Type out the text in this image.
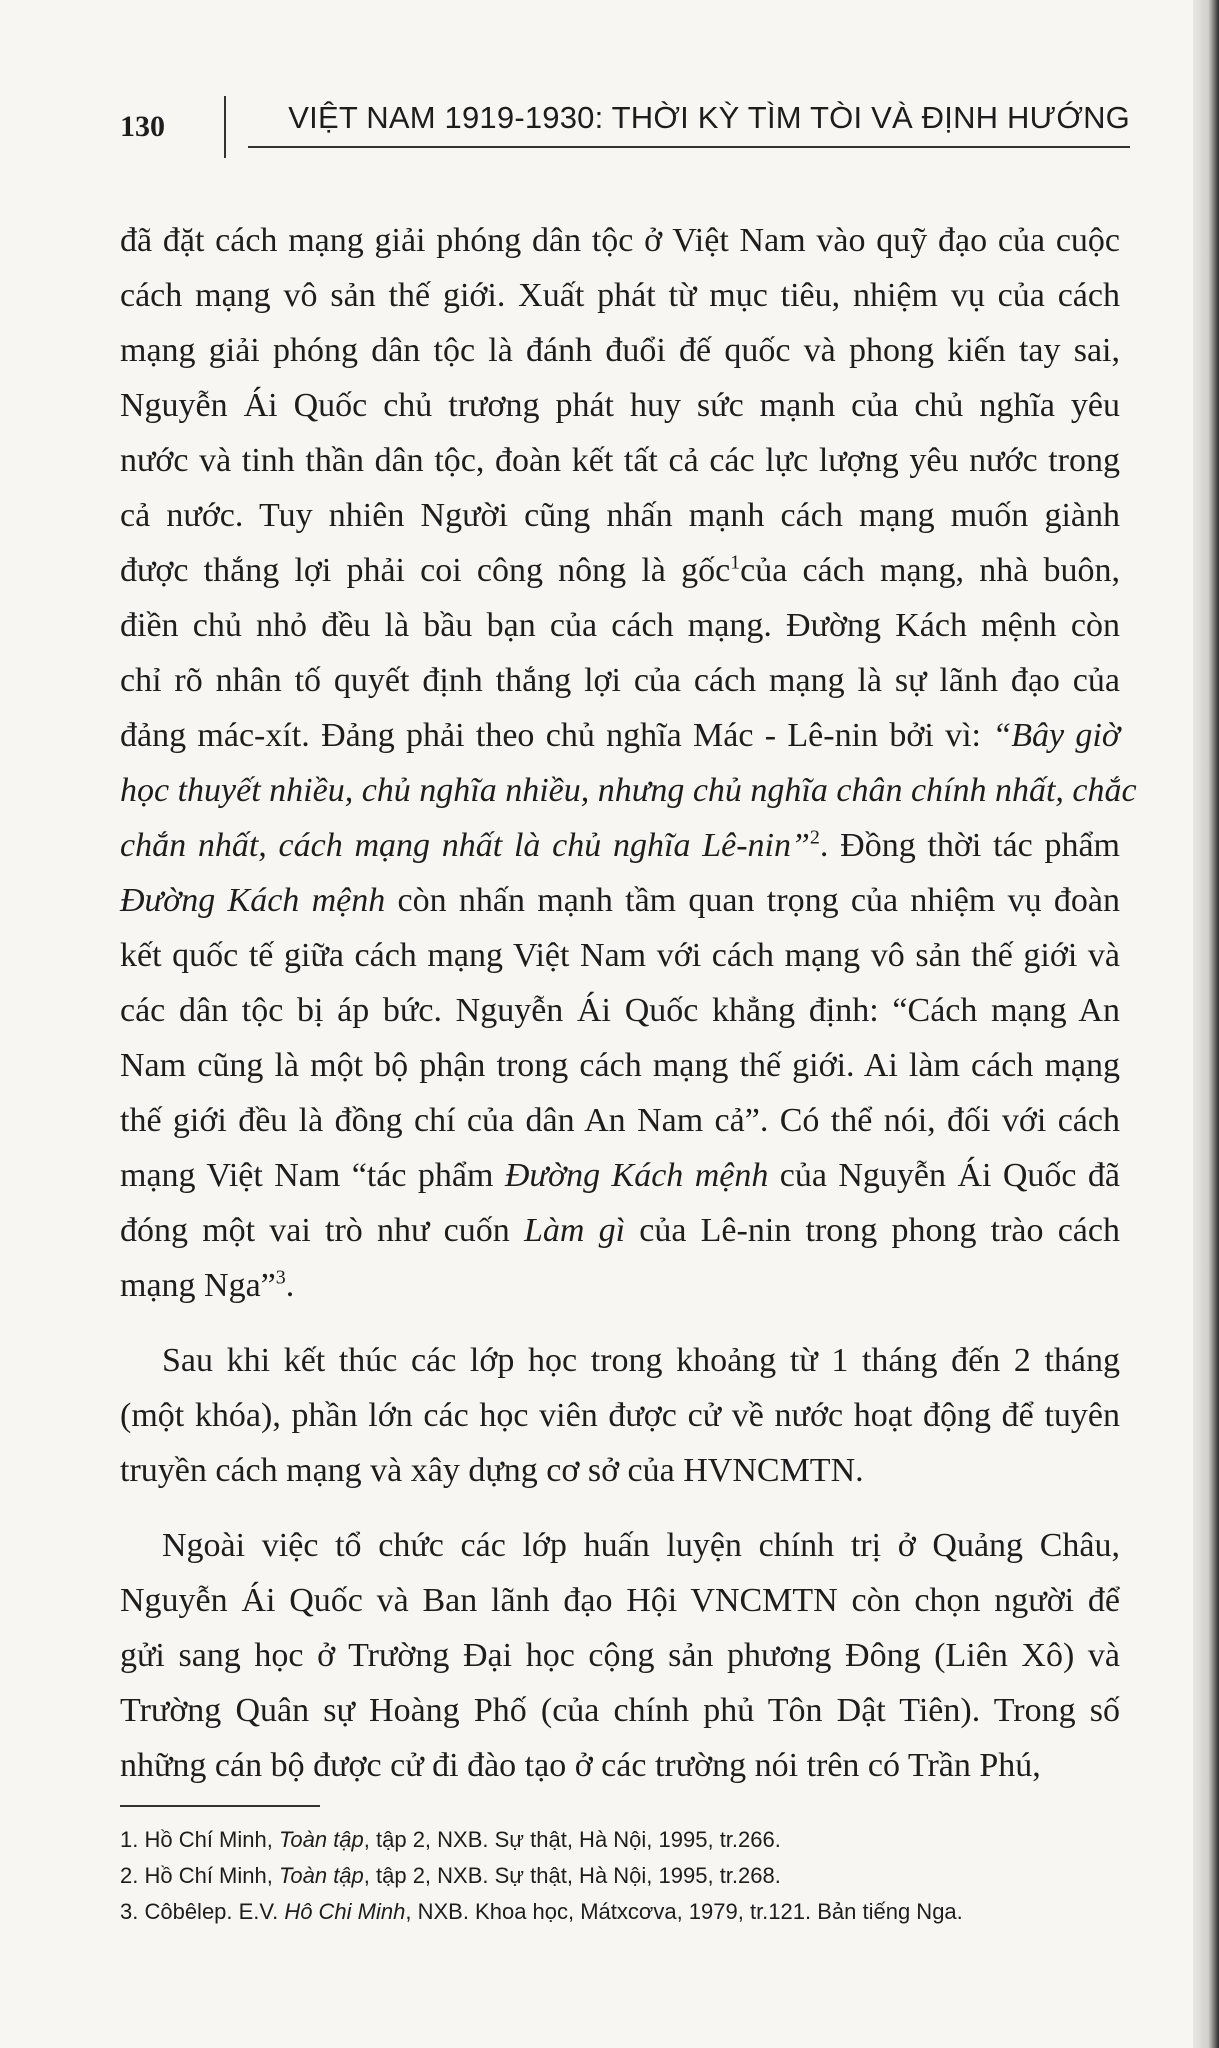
130	VIỆT NAM 1919-1930: THỜI KỲ TÌM TÒI VÀ ĐỊNH HƯỚNG
đã đặt cách mạng giải phóng dân tộc ở Việt Nam vào quỹ đạo của cuộc
cách mạng vô sản thế giới. Xuất phát từ mục tiêu, nhiệm vụ của cách
mạng giải phóng dân tộc là đánh đuổi đế quốc và phong kiến tay sai,
Nguyễn Ái Quốc chủ trương phát huy sức mạnh của chủ nghĩa yêu
nước và tinh thần dân tộc, đoàn kết tất cả các lực lượng yêu nước trong
cả nước. Tuy nhiên Người cũng nhấn mạnh cách mạng muốn giành
được thắng lợi phải coi công nông là gốc$^1$của cách mạng, nhà buôn,
điền chủ nhỏ đều là bầu bạn của cách mạng. Đường Kách mệnh còn
chỉ rõ nhân tố quyết định thắng lợi của cách mạng là sự lãnh đạo của
đảng mác-xít. Đảng phải theo chủ nghĩa Mác - Lê-nin bởi vì: “Bây giờ
học thuyết nhiều, chủ nghĩa nhiều, nhưng chủ nghĩa chân chính nhất, chắc
chắn nhất, cách mạng nhất là chủ nghĩa Lê-nin”$^2$. Đồng thời tác phẩm
Đường Kách mệnh còn nhấn mạnh tầm quan trọng của nhiệm vụ đoàn
kết quốc tế giữa cách mạng Việt Nam với cách mạng vô sản thế giới và
các dân tộc bị áp bức. Nguyễn Ái Quốc khẳng định: “Cách mạng An
Nam cũng là một bộ phận trong cách mạng thế giới. Ai làm cách mạng
thế giới đều là đồng chí của dân An Nam cả”. Có thể nói, đối với cách
mạng Việt Nam “tác phẩm Đường Kách mệnh của Nguyễn Ái Quốc đã
đóng một vai trò như cuốn Làm gì của Lê-nin trong phong trào cách
mạng Nga”$^3$.
Sau khi kết thúc các lớp học trong khoảng từ 1 tháng đến 2 tháng
(một khóa), phần lớn các học viên được cử về nước hoạt động để tuyên
truyền cách mạng và xây dựng cơ sở của HVNCMTN.
Ngoài việc tổ chức các lớp huấn luyện chính trị ở Quảng Châu,
Nguyễn Ái Quốc và Ban lãnh đạo Hội VNCMTN còn chọn người để
gửi sang học ở Trường Đại học cộng sản phương Đông (Liên Xô) và
Trường Quân sự Hoàng Phố (của chính phủ Tôn Dật Tiên). Trong số
những cán bộ được cử đi đào tạo ở các trường nói trên có Trần Phú,
1. Hồ Chí Minh, Toàn tập, tập 2, NXB. Sự thật, Hà Nội, 1995, tr.266.
2. Hồ Chí Minh, Toàn tập, tập 2, NXB. Sự thật, Hà Nội, 1995, tr.268.
3. Côbêlep. E.V. Hô Chi Minh, NXB. Khoa học, Mátxcơva, 1979, tr.121. Bản tiếng Nga.
